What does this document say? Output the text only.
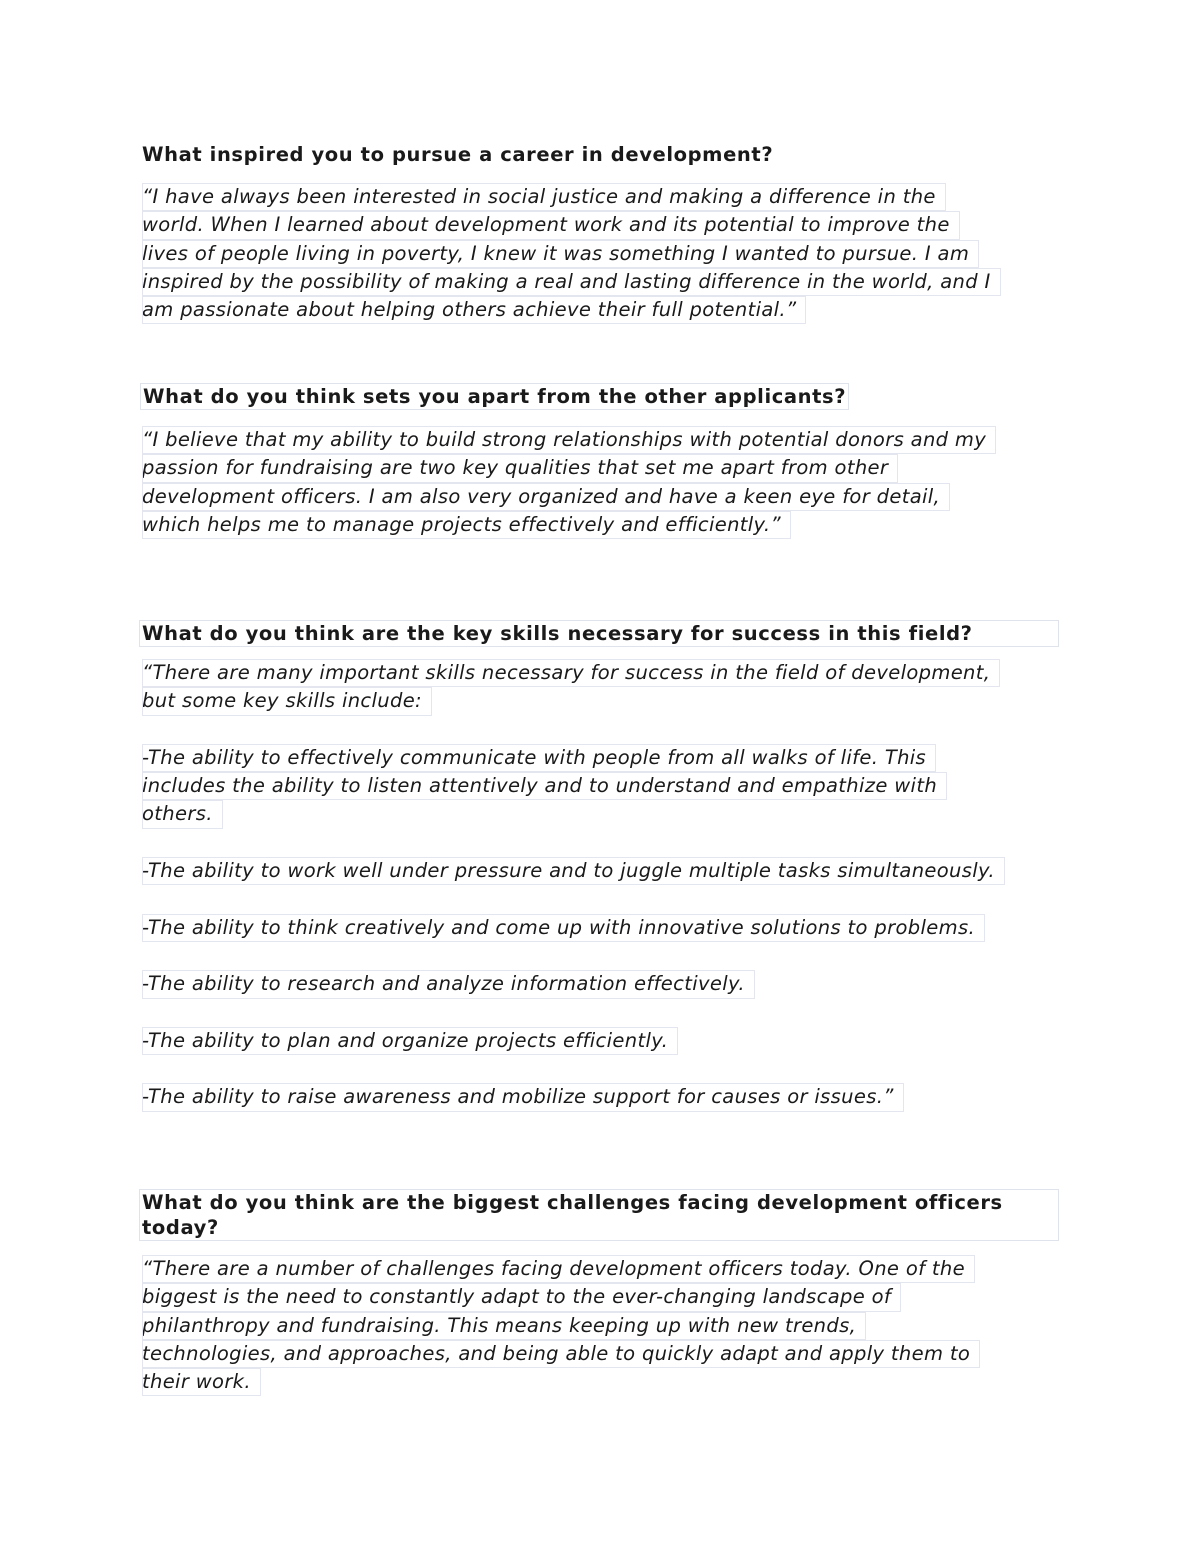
What inspired you to pursue a career in development?
“I have always been interested in social justice and making a difference in the
world. When I learned about development work and its potential to improve the
lives of people living in poverty, I knew it was something I wanted to pursue. I am
inspired by the possibility of making a real and lasting difference in the world, and I
am passionate about helping others achieve their full potential.”
What do you think sets you apart from the other applicants?
“I believe that my ability to build strong relationships with potential donors and my
passion for fundraising are two key qualities that set me apart from other
development officers. I am also very organized and have a keen eye for detail,
which helps me to manage projects effectively and efficiently.”
What do you think are the key skills necessary for success in this field?
“There are many important skills necessary for success in the field of development,
but some key skills include:
-The ability to effectively communicate with people from all walks of life. This
includes the ability to listen attentively and to understand and empathize with
others.
-The ability to work well under pressure and to juggle multiple tasks simultaneously.
-The ability to think creatively and come up with innovative solutions to problems.
-The ability to research and analyze information effectively.
-The ability to plan and organize projects efficiently.
-The ability to raise awareness and mobilize support for causes or issues.”
What do you think are the biggest challenges facing development officers today?
“There are a number of challenges facing development officers today. One of the
biggest is the need to constantly adapt to the ever-changing landscape of
philanthropy and fundraising. This means keeping up with new trends,
technologies, and approaches, and being able to quickly adapt and apply them to
their work.
